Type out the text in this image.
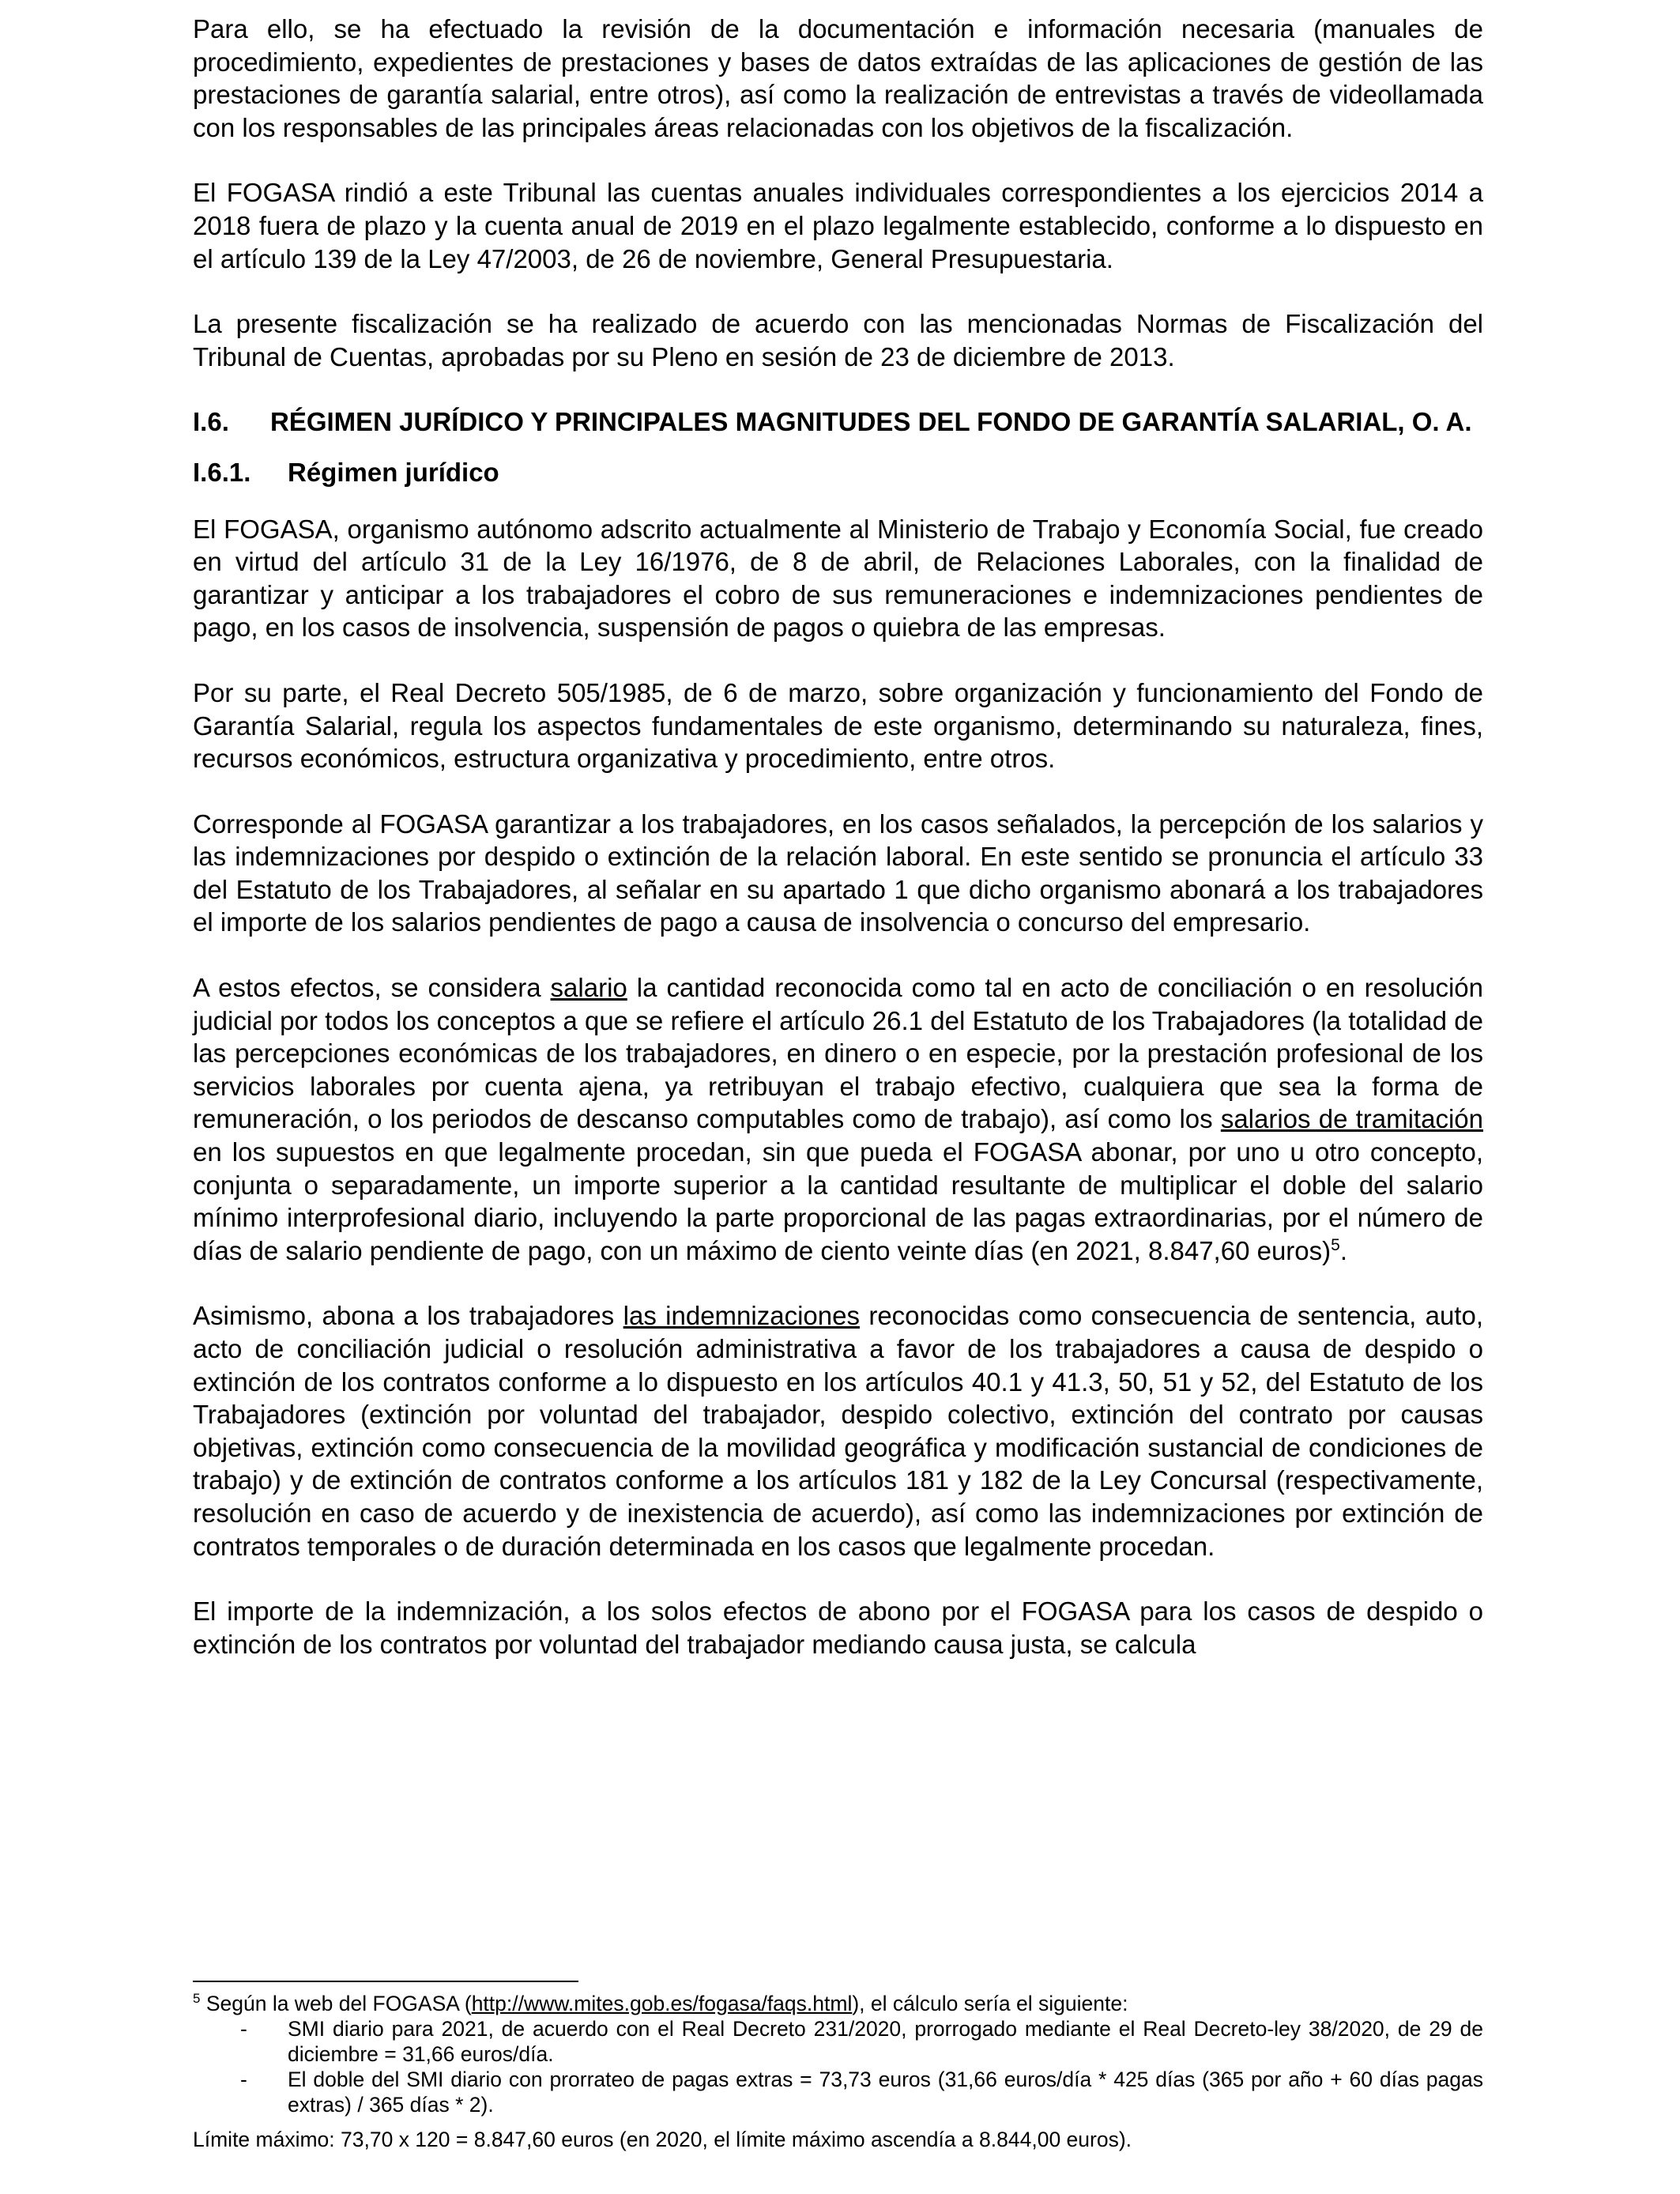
Para ello, se ha efectuado la revisión de la documentación e información necesaria (manuales de procedimiento, expedientes de prestaciones y bases de datos extraídas de las aplicaciones de gestión de las prestaciones de garantía salarial, entre otros), así como la realización de entrevistas a través de videollamada con los responsables de las principales áreas relacionadas con los objetivos de la fiscalización.

El FOGASA rindió a este Tribunal las cuentas anuales individuales correspondientes a los ejercicios 2014 a 2018 fuera de plazo y la cuenta anual de 2019 en el plazo legalmente establecido, conforme a lo dispuesto en el artículo 139 de la Ley 47/2003, de 26 de noviembre, General Presupuestaria.

La presente fiscalización se ha realizado de acuerdo con las mencionadas Normas de Fiscalización del Tribunal de Cuentas, aprobadas por su Pleno en sesión de 23 de diciembre de 2013.

I.6.	RÉGIMEN JURÍDICO Y PRINCIPALES MAGNITUDES DEL FONDO DE GARANTÍA SALARIAL, O. A.
I.6.1.	Régimen jurídico

El FOGASA, organismo autónomo adscrito actualmente al Ministerio de Trabajo y Economía Social, fue creado en virtud del artículo 31 de la Ley 16/1976, de 8 de abril, de Relaciones Laborales, con la finalidad de garantizar y anticipar a los trabajadores el cobro de sus remuneraciones e indemnizaciones pendientes de pago, en los casos de insolvencia, suspensión de pagos o quiebra de las empresas.

Por su parte, el Real Decreto 505/1985, de 6 de marzo, sobre organización y funcionamiento del Fondo de Garantía Salarial, regula los aspectos fundamentales de este organismo, determinando su naturaleza, fines, recursos económicos, estructura organizativa y procedimiento, entre otros.

Corresponde al FOGASA garantizar a los trabajadores, en los casos señalados, la percepción de los salarios y las indemnizaciones por despido o extinción de la relación laboral. En este sentido se pronuncia el artículo 33 del Estatuto de los Trabajadores, al señalar en su apartado 1 que dicho organismo abonará a los trabajadores el importe de los salarios pendientes de pago a causa de insolvencia o concurso del empresario.

A estos efectos, se considera salario la cantidad reconocida como tal en acto de conciliación o en resolución judicial por todos los conceptos a que se refiere el artículo 26.1 del Estatuto de los Trabajadores (la totalidad de las percepciones económicas de los trabajadores, en dinero o en especie, por la prestación profesional de los servicios laborales por cuenta ajena, ya retribuyan el trabajo efectivo, cualquiera que sea la forma de remuneración, o los periodos de descanso computables como de trabajo), así como los salarios de tramitación en los supuestos en que legalmente procedan, sin que pueda el FOGASA abonar, por uno u otro concepto, conjunta o separadamente, un importe superior a la cantidad resultante de multiplicar el doble del salario mínimo interprofesional diario, incluyendo la parte proporcional de las pagas extraordinarias, por el número de días de salario pendiente de pago, con un máximo de ciento veinte días (en 2021, 8.847,60 euros)$^5$.

Asimismo, abona a los trabajadores las indemnizaciones reconocidas como consecuencia de sentencia, auto, acto de conciliación judicial o resolución administrativa a favor de los trabajadores a causa de despido o extinción de los contratos conforme a lo dispuesto en los artículos 40.1 y 41.3, 50, 51 y 52, del Estatuto de los Trabajadores (extinción por voluntad del trabajador, despido colectivo, extinción del contrato por causas objetivas, extinción como consecuencia de la movilidad geográfica y modificación sustancial de condiciones de trabajo) y de extinción de contratos conforme a los artículos 181 y 182 de la Ley Concursal (respectivamente, resolución en caso de acuerdo y de inexistencia de acuerdo), así como las indemnizaciones por extinción de contratos temporales o de duración determinada en los casos que legalmente procedan.

El importe de la indemnización, a los solos efectos de abono por el FOGASA para los casos de despido o extinción de los contratos por voluntad del trabajador mediando causa justa, se calcula

$^5$ Según la web del FOGASA (http://www.mites.gob.es/fogasa/faqs.html), el cálculo sería el siguiente:

-	SMI diario para 2021, de acuerdo con el Real Decreto 231/2020, prorrogado mediante el Real Decreto-ley 38/2020, de 29 de diciembre = 31,66 euros/día.
-	El doble del SMI diario con prorrateo de pagas extras = 73,73 euros (31,66 euros/día * 425 días (365 por año + 60 días pagas extras) / 365 días * 2).

Límite máximo: 73,70 x 120 = 8.847,60 euros (en 2020, el límite máximo ascendía a 8.844,00 euros).
